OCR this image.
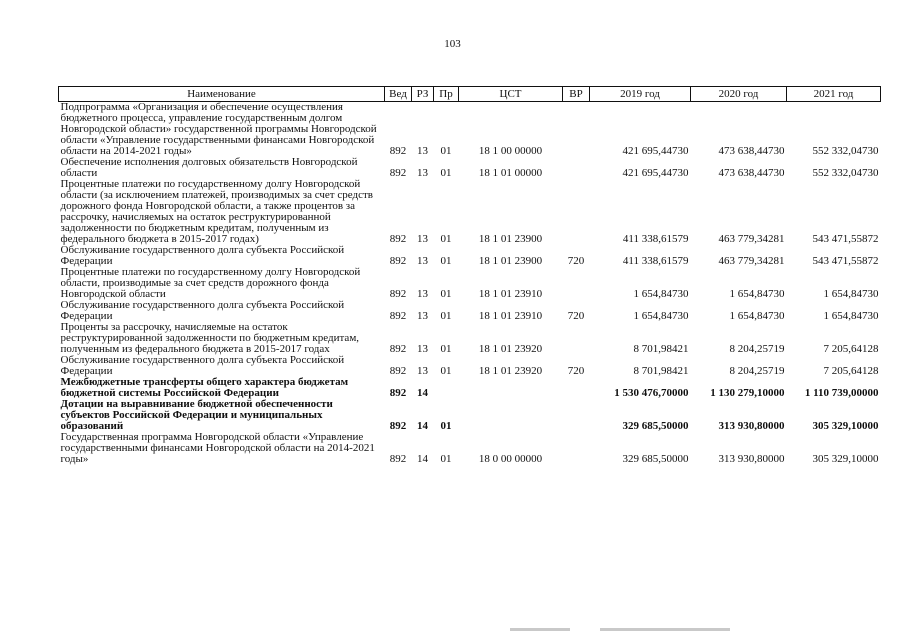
103
Наименование	Вед	РЗ	Пр	ЦСТ	ВР	2019 год	2020 год	2021 год
Подпрограмма «Организация и обеспечение осуществления бюджетного процесса, управление государственным долгом Новгородской области» государственной программы Новгородской области «Управление государственными финансами Новгородской области на 2014-2021 годы»	892	13	01	18 1 00 00000		421 695,44730	473 638,44730	552 332,04730
Обеспечение исполнения долговых обязательств Новгородской области	892	13	01	18 1 01 00000		421 695,44730	473 638,44730	552 332,04730
Процентные платежи по государственному долгу Новгородской области (за исключением платежей, производимых за счет средств дорожного фонда Новгородской области, а также процентов за рассрочку, начисляемых на остаток реструктурированной задолженности по бюджетным кредитам, полученным из федерального бюджета в 2015-2017 годах)	892	13	01	18 1 01 23900		411 338,61579	463 779,34281	543 471,55872
Обслуживание государственного долга субъекта Российской Федерации	892	13	01	18 1 01 23900	720	411 338,61579	463 779,34281	543 471,55872
Процентные платежи по государственному долгу Новгородской области, производимые за счет средств дорожного фонда Новгородской области	892	13	01	18 1 01 23910		1 654,84730	1 654,84730	1 654,84730
Обслуживание государственного долга субъекта Российской Федерации	892	13	01	18 1 01 23910	720	1 654,84730	1 654,84730	1 654,84730
Проценты за рассрочку, начисляемые на остаток реструктурированной задолженности по бюджетным кредитам, полученным из федерального бюджета в 2015-2017 годах	892	13	01	18 1 01 23920		8 701,98421	8 204,25719	7 205,64128
Обслуживание государственного долга субъекта Российской Федерации	892	13	01	18 1 01 23920	720	8 701,98421	8 204,25719	7 205,64128
Межбюджетные трансферты общего характера бюджетам бюджетной системы Российской Федерации	892	14				1 530 476,70000	1 130 279,10000	1 110 739,00000
Дотации на выравнивание бюджетной обеспеченности субъектов Российской Федерации и муниципальных образований	892	14	01			329 685,50000	313 930,80000	305 329,10000
Государственная программа Новгородской области «Управление государственными финансами Новгородской области на 2014-2021 годы»	892	14	01	18 0 00 00000		329 685,50000	313 930,80000	305 329,10000
